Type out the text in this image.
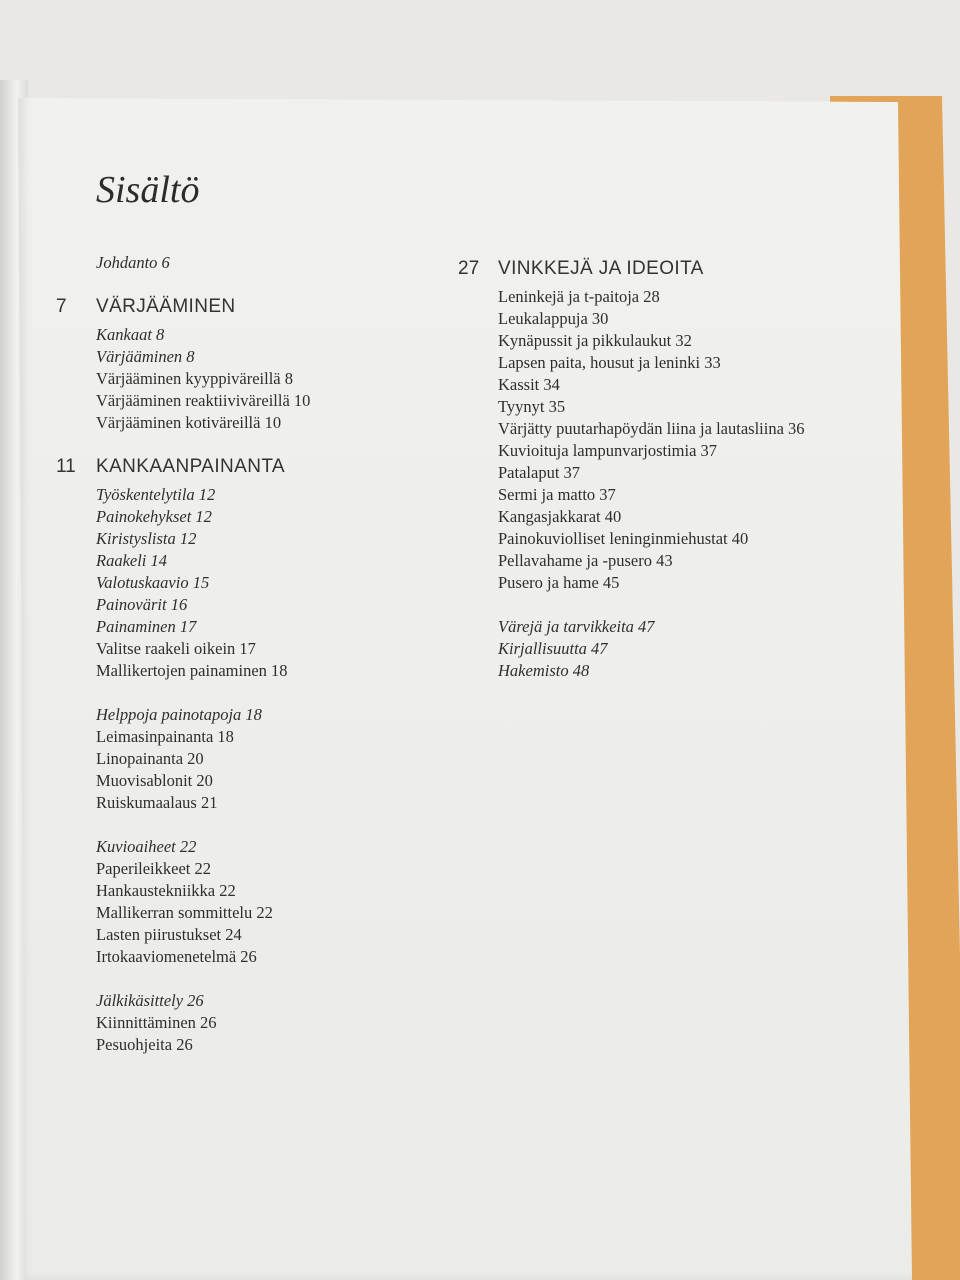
Sisältö
Johdanto 6
7	VÄRJÄÄMINEN
Kankaat 8
Värjääminen 8
Värjääminen kyyppiväreillä 8
Värjääminen reaktiiviväreillä 10
Värjääminen kotiväreillä 10
11	KANKAANPAINANTA
Työskentelytila 12
Painokehykset 12
Kiristyslista 12
Raakeli 14
Valotuskaavio 15
Painovärit 16
Painaminen 17
Valitse raakeli oikein 17
Mallikertojen painaminen 18
Helppoja painotapoja 18
Leimasinpainanta 18
Linopainanta 20
Muovisablonit 20
Ruiskumaalaus 21
Kuvioaiheet 22
Paperileikkeet 22
Hankaustekniikka 22
Mallikerran sommittelu 22
Lasten piirustukset 24
Irtokaaviomenetelmä 26
Jälkikäsittely 26
Kiinnittäminen 26
Pesuohjeita 26
27 VINKKEJÄ JA IDEOITA
Leninkejä ja t-paitoja 28
Leukalappuja 30
Kynäpussit ja pikkulaukut 32
Lapsen paita, housut ja leninki 33
Kassit 34
Tyynyt 35
Värjätty puutarhapöydän liina ja lautasliina 36
Kuvioituja lampunvarjostimia 37
Patalaput 37
Sermi ja matto 37
Kangasjakkarat 40
Painokuviolliset leninginmiehustat 40
Pellavahame ja -pusero 43
Pusero ja hame 45
Värejä ja tarvikkeita 47
Kirjallisuutta 47
Hakemisto 48
